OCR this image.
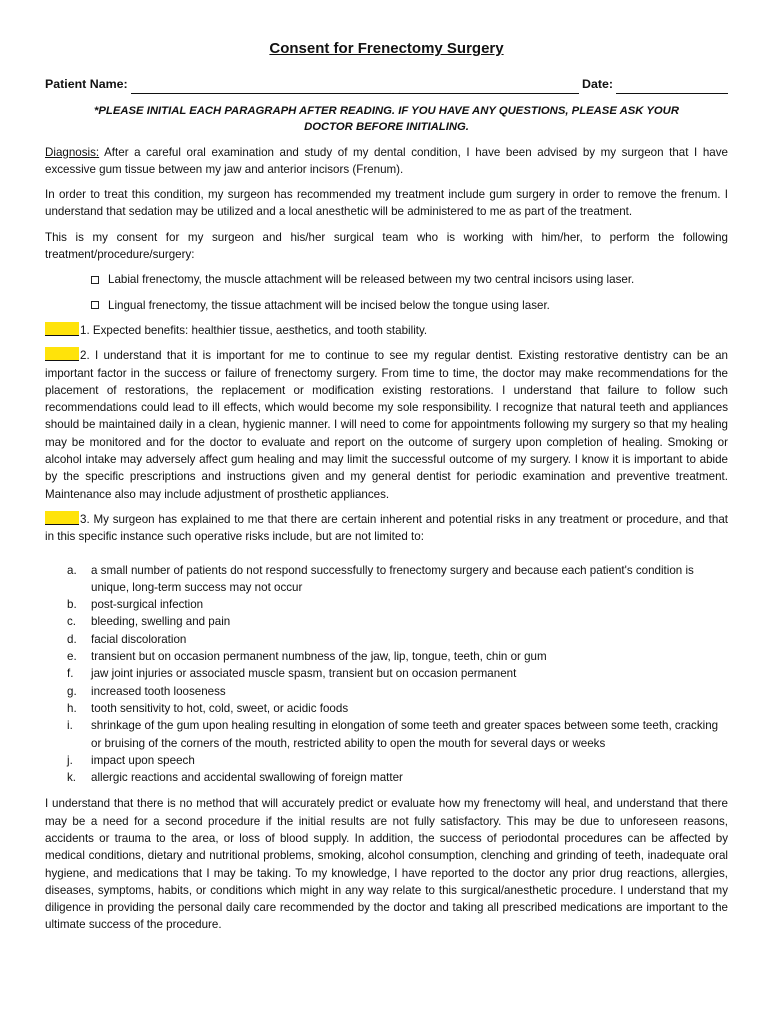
Consent for Frenectomy Surgery
Patient Name:	Date:
*PLEASE INITIAL EACH PARAGRAPH AFTER READING. IF YOU HAVE ANY QUESTIONS, PLEASE ASK YOUR DOCTOR BEFORE INITIALING.

Diagnosis: After a careful oral examination and study of my dental condition, I have been advised by my surgeon that I have excessive gum tissue between my jaw and anterior incisors (Frenum).

In order to treat this condition, my surgeon has recommended my treatment include gum surgery in order to remove the frenum. I understand that sedation may be utilized and a local anesthetic will be administered to me as part of the treatment.

This is my consent for my surgeon and his/her surgical team who is working with him/her, to perform the following treatment/procedure/surgery:

Labial frenectomy, the muscle attachment will be released between my two central incisors using laser.
Lingual frenectomy, the tissue attachment will be incised below the tongue using laser.

1. Expected benefits: healthier tissue, aesthetics, and tooth stability.

2. I understand that it is important for me to continue to see my regular dentist. Existing restorative dentistry can be an important factor in the success or failure of frenectomy surgery. From time to time, the doctor may make recommendations for the placement of restorations, the replacement or modification existing restorations. I understand that failure to follow such recommendations could lead to ill effects, which would become my sole responsibility. I recognize that natural teeth and appliances should be maintained daily in a clean, hygienic manner. I will need to come for appointments following my surgery so that my healing may be monitored and for the doctor to evaluate and report on the outcome of surgery upon completion of healing. Smoking or alcohol intake may adversely affect gum healing and may limit the successful outcome of my surgery. I know it is important to abide by the specific prescriptions and instructions given and my general dentist for periodic examination and preventive treatment. Maintenance also may include adjustment of prosthetic appliances.

3. My surgeon has explained to me that there are certain inherent and potential risks in any treatment or procedure, and that in this specific instance such operative risks include, but are not limited to:

a.	a small number of patients do not respond successfully to frenectomy surgery and because each patient's condition is unique, long-term success may not occur
b.	post-surgical infection
c.	bleeding, swelling and pain
d.	facial discoloration
e.	transient but on occasion permanent numbness of the jaw, lip, tongue, teeth, chin or gum
f.	jaw joint injuries or associated muscle spasm, transient but on occasion permanent
g.	increased tooth looseness
h.	tooth sensitivity to hot, cold, sweet, or acidic foods
i.	shrinkage of the gum upon healing resulting in elongation of some teeth and greater spaces between some teeth, cracking or bruising of the corners of the mouth, restricted ability to open the mouth for several days or weeks
j.	impact upon speech
k.	allergic reactions and accidental swallowing of foreign matter

I understand that there is no method that will accurately predict or evaluate how my frenectomy will heal, and understand that there may be a need for a second procedure if the initial results are not fully satisfactory. This may be due to unforeseen reasons, accidents or trauma to the area, or loss of blood supply. In addition, the success of periodontal procedures can be affected by medical conditions, dietary and nutritional problems, smoking, alcohol consumption, clenching and grinding of teeth, inadequate oral hygiene, and medications that I may be taking. To my knowledge, I have reported to the doctor any prior drug reactions, allergies, diseases, symptoms, habits, or conditions which might in any way relate to this surgical/anesthetic procedure. I understand that my diligence in providing the personal daily care recommended by the doctor and taking all prescribed medications are important to the ultimate success of the procedure.
